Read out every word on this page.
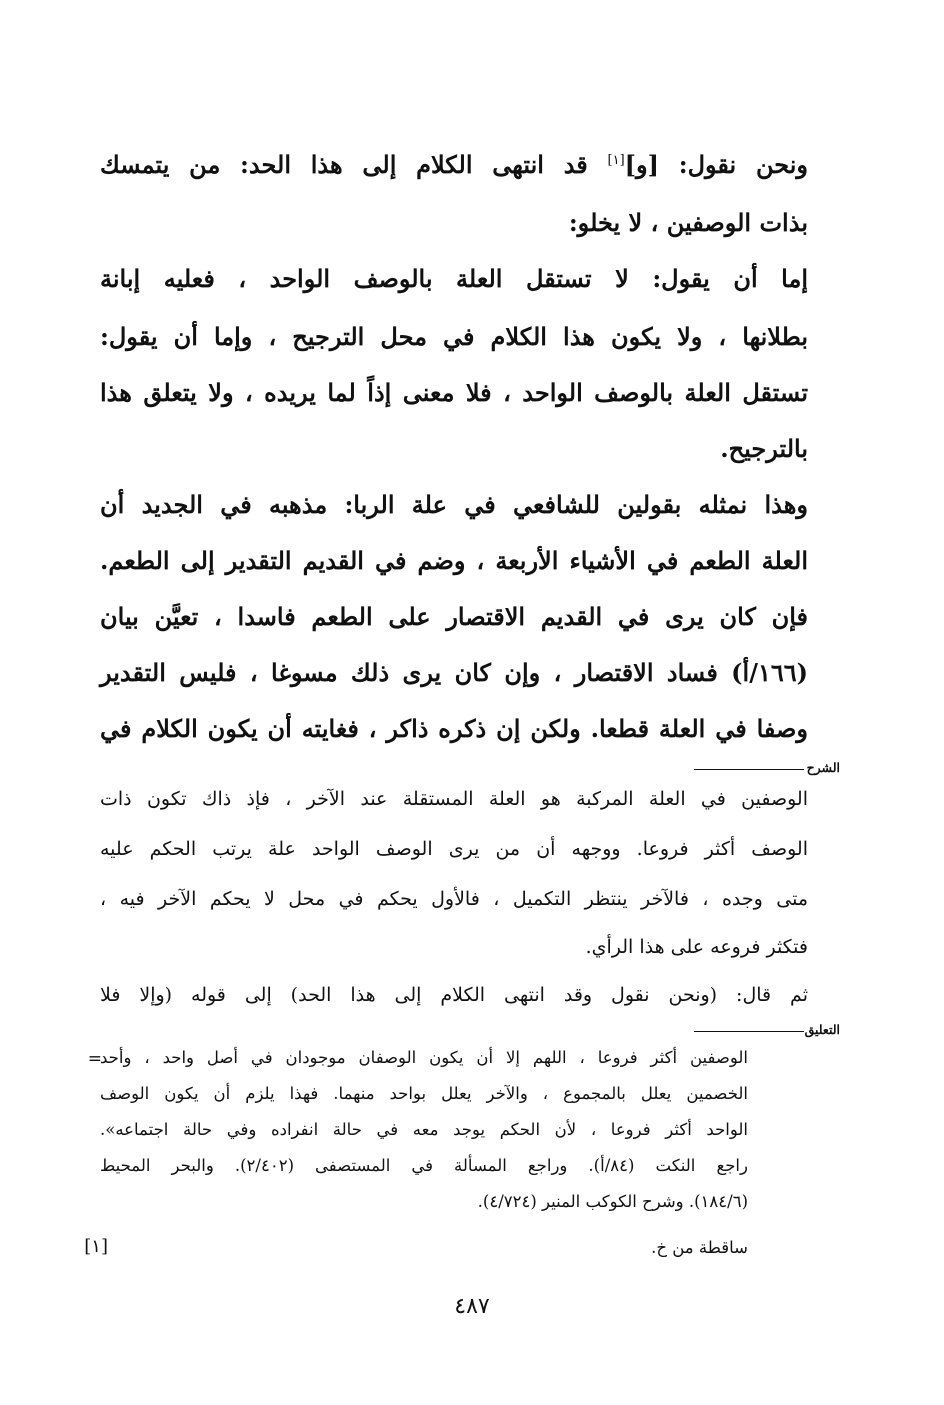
ونحن نقول: [و][١] قد انتهى الكلام إلى هذا الحد: من يتمسك
بذات الوصفين ، لا يخلو:
إما أن يقول: لا تستقل العلة بالوصف الواحد ، فعليه إبانة
بطلانها ، ولا يكون هذا الكلام في محل الترجيح ، وإما أن يقول:
تستقل العلة بالوصف الواحد ، فلا معنى إذاً لما يريده ، ولا يتعلق هذا
بالترجيح.
وهذا نمثله بقولين للشافعي في علة الربا: مذهبه في الجديد أن
العلة الطعم في الأشياء الأربعة ، وضم في القديم التقدير إلى الطعم.
فإن كان يرى في القديم الاقتصار على الطعم فاسدا ، تعيَّن بيان
(١٦٦/أ) فساد الاقتصار ، وإن كان يرى ذلك مسوغا ، فليس التقدير
وصفا في العلة قطعا. ولكن إن ذكره ذاكر ، فغايته أن يكون الكلام في
الشرح
الوصفين في العلة المركبة هو العلة المستقلة عند الآخر ، فإذ ذاك تكون ذات
الوصف أكثر فروعا. ووجهه أن من يرى الوصف الواحد علة يرتب الحكم عليه
متى وجده ، فالآخر ينتظر التكميل ، فالأول يحكم في محل لا يحكم الآخر فيه ،
فتكثر فروعه على هذا الرأي.
ثم قال: (ونحن نقول وقد انتهى الكلام إلى هذا الحد) إلى قوله (وإلا فلا
التعليق
=
الوصفين أكثر فروعا ، اللهم إلا أن يكون الوصفان موجودان في أصل واحد ، وأحد
الخصمين يعلل بالمجموع ، والآخر يعلل بواحد منهما. فهذا يلزم أن يكون الوصف
الواحد أكثر فروعا ، لأن الحكم يوجد معه في حالة انفراده وفي حالة اجتماعه».
راجع النكت (٨٤/أ). وراجع المسألة في المستصفى (٢/٤٠٢). والبحر المحيط
(١٨٤/٦). وشرح الكوكب المنير (٤/٧٢٤).
[١]	ساقطة من خ.
٤٨٧
